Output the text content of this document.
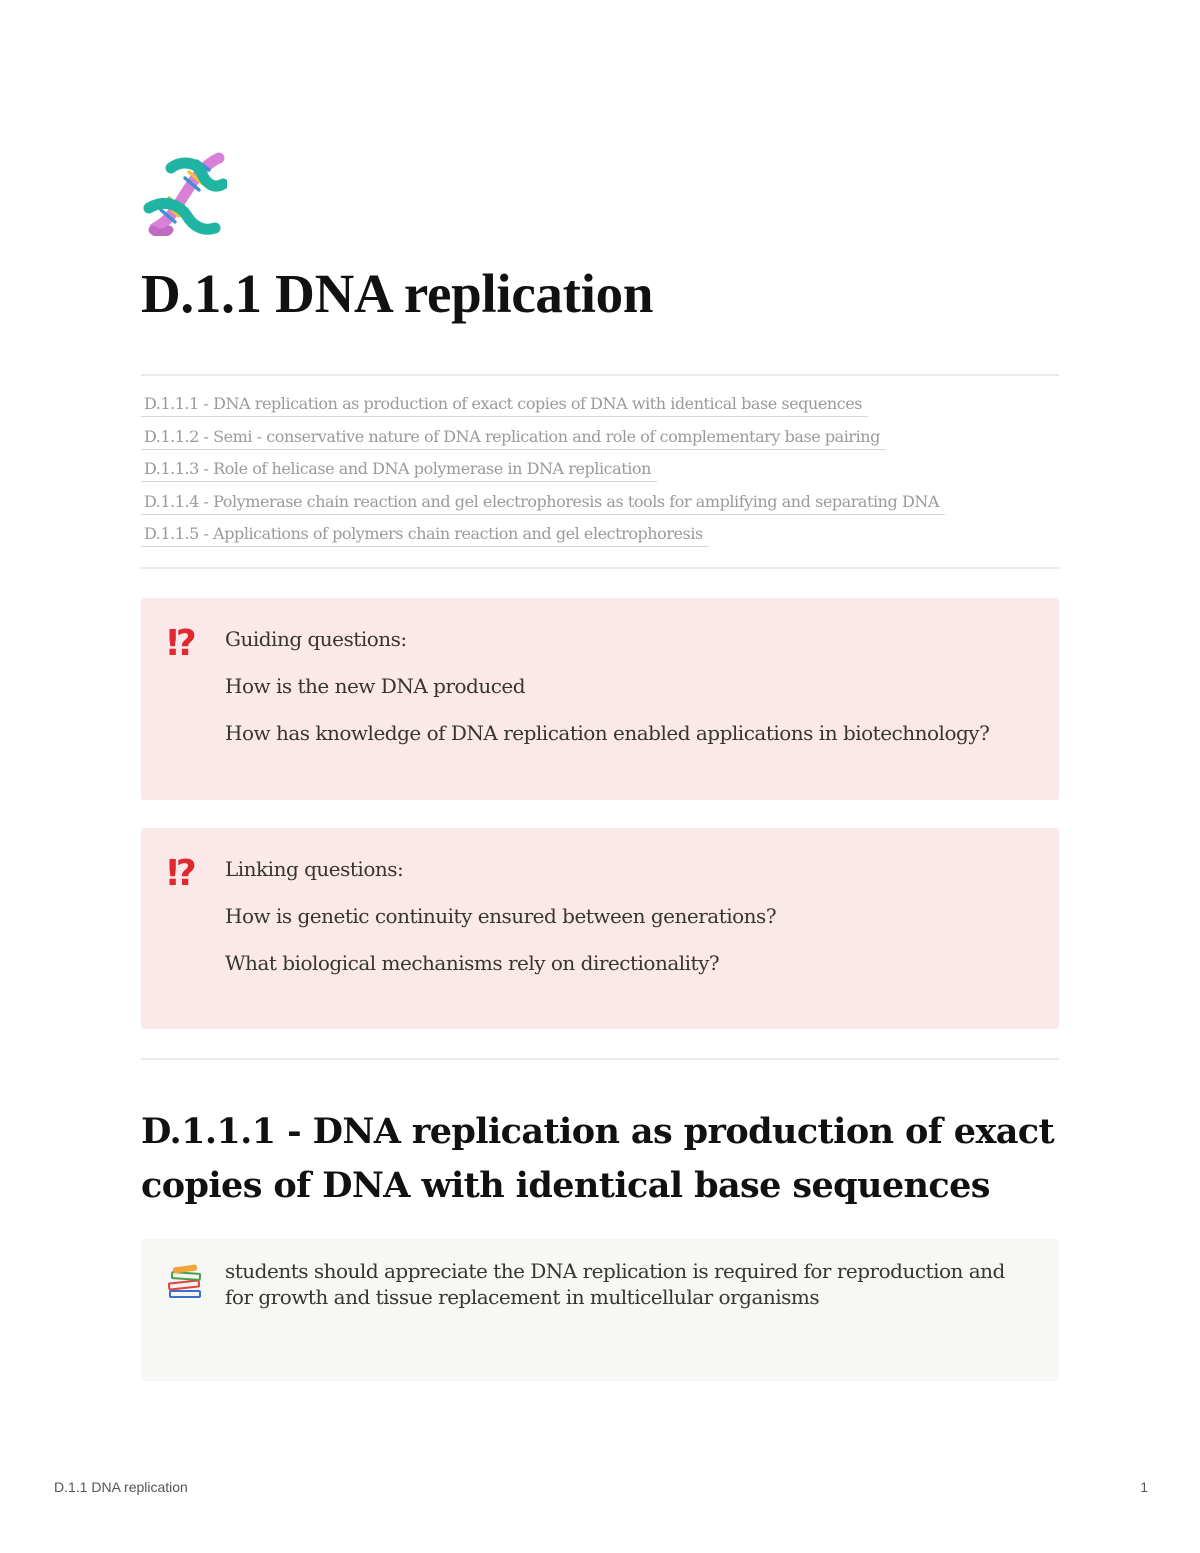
D.1.1 DNA replication
D.1.1.1 - DNA replication as production of exact copies of DNA with identical base sequences
D.1.1.2 - Semi - conservative nature of DNA replication and role of complementary base pairing
D.1.1.3 - Role of helicase and DNA polymerase in DNA replication
D.1.1.4 - Polymerase chain reaction and gel electrophoresis as tools for amplifying and separating DNA
D.1.1.5 - Applications of polymers chain reaction and gel electrophoresis
⁉	Guiding questions:

How is the new DNA produced

How has knowledge of DNA replication enabled applications in biotechnology?

⁉	Linking questions:

How is genetic continuity ensured between generations?

What biological mechanisms rely on directionality?

D.1.1.1 - DNA replication as production of exact copies of DNA with identical base sequences

students should appreciate the DNA replication is required for reproduction and for growth and tissue replacement in multicellular organisms

D.1.1 DNA replication	1
